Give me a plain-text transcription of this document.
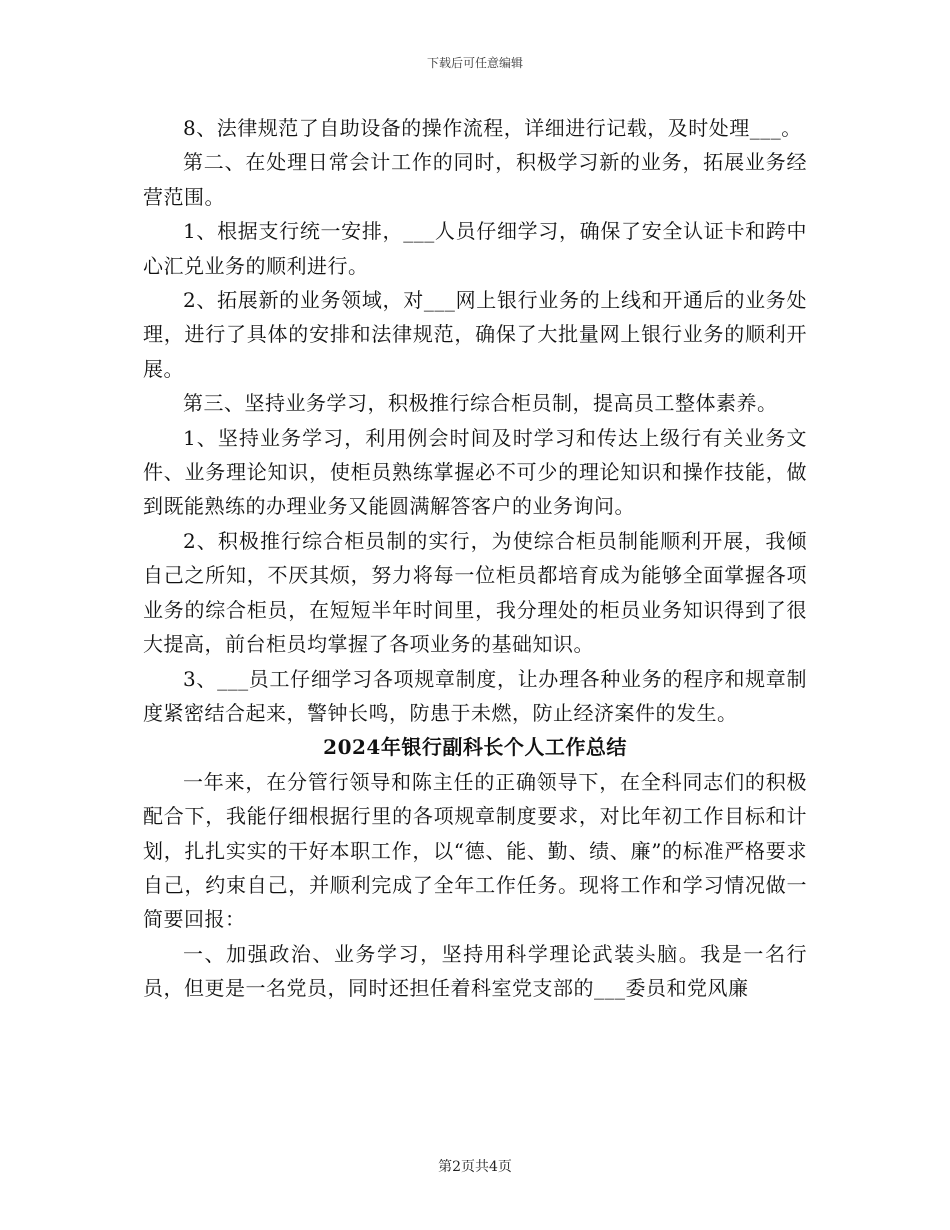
下载后可任意编辑

8、法律规范了自助设备的操作流程，详细进行记载，及时处理___。

第二、在处理日常会计工作的同时，积极学习新的业务，拓展业务经营范围。

1、根据支行统一安排，___人员仔细学习，确保了安全认证卡和跨中心汇兑业务的顺利进行。

2、拓展新的业务领域，对___网上银行业务的上线和开通后的业务处理，进行了具体的安排和法律规范，确保了大批量网上银行业务的顺利开展。

第三、坚持业务学习，积极推行综合柜员制，提高员工整体素养。

1、坚持业务学习，利用例会时间及时学习和传达上级行有关业务文件、业务理论知识，使柜员熟练掌握必不可少的理论知识和操作技能，做到既能熟练的办理业务又能圆满解答客户的业务询问。

2、积极推行综合柜员制的实行，为使综合柜员制能顺利开展，我倾自己之所知，不厌其烦，努力将每一位柜员都培育成为能够全面掌握各项业务的综合柜员，在短短半年时间里，我分理处的柜员业务知识得到了很大提高，前台柜员均掌握了各项业务的基础知识。

3、___员工仔细学习各项规章制度，让办理各种业务的程序和规章制度紧密结合起来，警钟长鸣，防患于未燃，防止经济案件的发生。

2024年银行副科长个人工作总结

一年来，在分管行领导和陈主任的正确领导下，在全科同志们的积极配合下，我能仔细根据行里的各项规章制度要求，对比年初工作目标和计划，扎扎实实的干好本职工作，以“德、能、勤、绩、廉”的标准严格要求自己，约束自己，并顺利完成了全年工作任务。现将工作和学习情况做一简要回报：

一、加强政治、业务学习，坚持用科学理论武装头脑。我是一名行员，但更是一名党员，同时还担任着科室党支部的___委员和党风廉

第2页共4页
